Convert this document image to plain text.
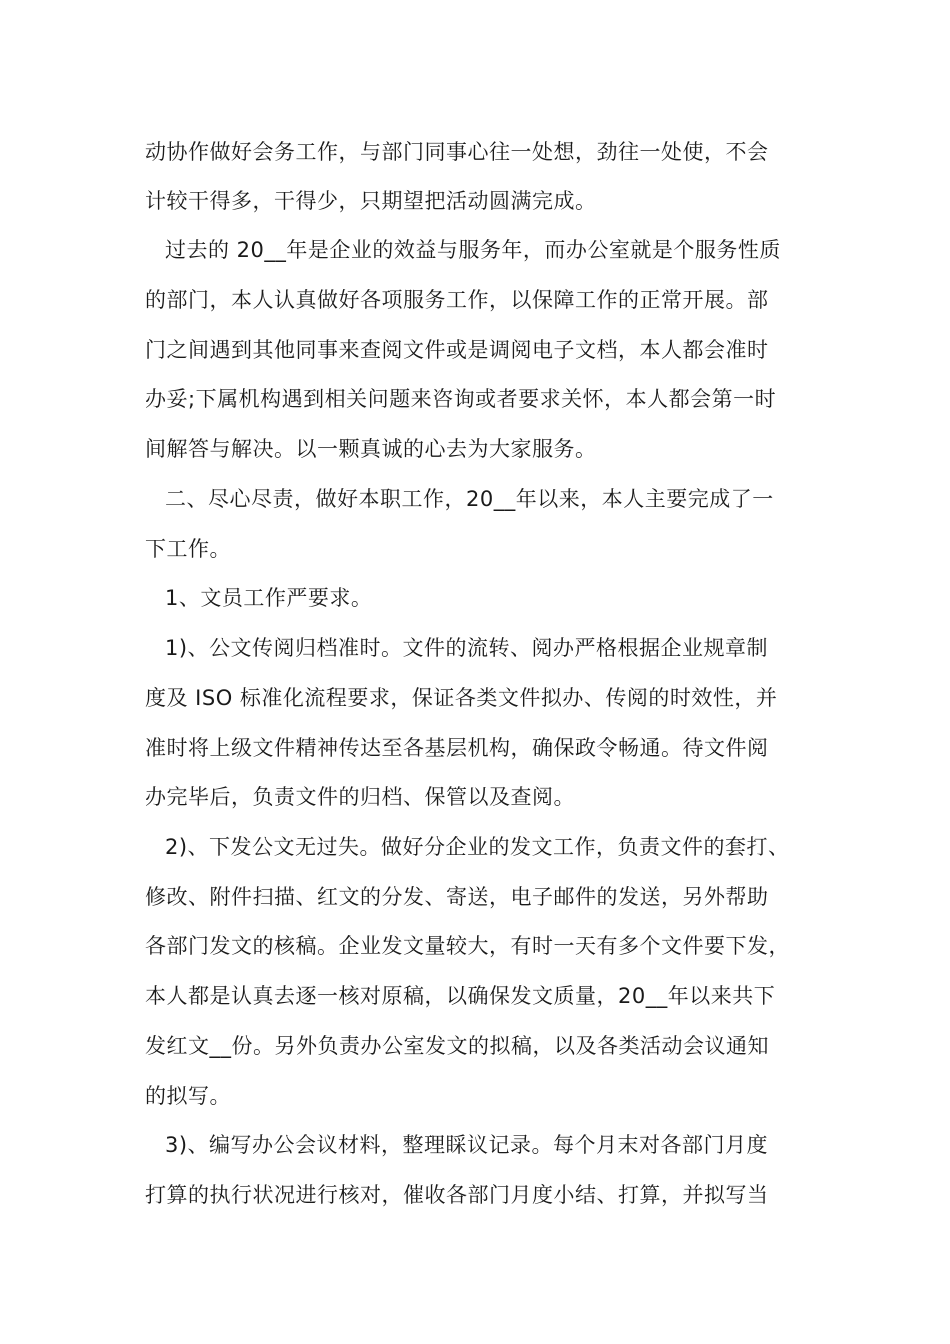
动协作做好会务工作，与部门同事心往一处想，劲往一处使，不会
计较干得多，干得少，只期望把活动圆满完成。
过去的 20__年是企业的效益与服务年，而办公室就是个服务性质
的部门，本人认真做好各项服务工作，以保障工作的正常开展。部
门之间遇到其他同事来查阅文件或是调阅电子文档，本人都会准时
办妥;下属机构遇到相关问题来咨询或者要求关怀，本人都会第一时
间解答与解决。以一颗真诚的心去为大家服务。
二、尽心尽责，做好本职工作，20__年以来，本人主要完成了一
下工作。
1、文员工作严要求。
1)、公文传阅归档准时。文件的流转、阅办严格根据企业规章制
度及 ISO 标准化流程要求，保证各类文件拟办、传阅的时效性，并
准时将上级文件精神传达至各基层机构，确保政令畅通。待文件阅
办完毕后，负责文件的归档、保管以及查阅。
2)、下发公文无过失。做好分企业的发文工作，负责文件的套打、
修改、附件扫描、红文的分发、寄送，电子邮件的发送，另外帮助
各部门发文的核稿。企业发文量较大，有时一天有多个文件要下发，
本人都是认真去逐一核对原稿，以确保发文质量，20__年以来共下
发红文__份。另外负责办公室发文的拟稿，以及各类活动会议通知
的拟写。
3)、编写办公会议材料，整理睬议记录。每个月末对各部门月度
打算的执行状况进行核对，催收各部门月度小结、打算，并拟写当
